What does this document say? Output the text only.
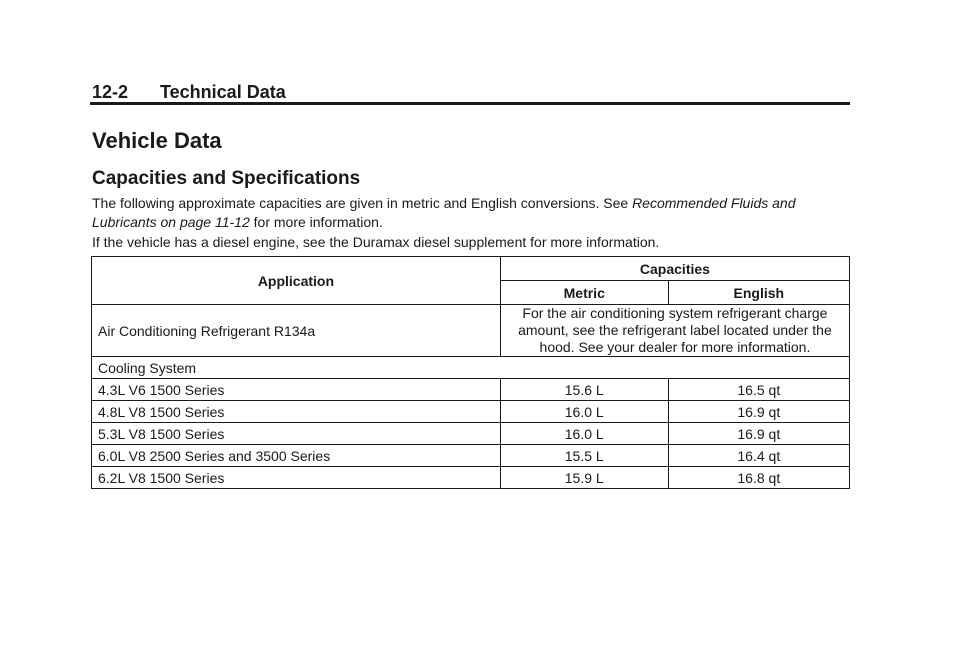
12-2 Technical Data
Vehicle Data
Capacities and Specifications
The following approximate capacities are given in metric and English conversions. See Recommended Fluids and Lubricants on page 11-12 for more information.
If the vehicle has a diesel engine, see the Duramax diesel supplement for more information.
Application	Capacities	
	Metric	English
Air Conditioning Refrigerant R134a	For the air conditioning system refrigerant charge amount, see the refrigerant label located under the hood. See your dealer for more information.	
Cooling System		
4.3L V6 1500 Series	15.6 L	16.5 qt
4.8L V8 1500 Series	16.0 L	16.9 qt
5.3L V8 1500 Series	16.0 L	16.9 qt
6.0L V8 2500 Series and 3500 Series	15.5 L	16.4 qt
6.2L V8 1500 Series	15.9 L	16.8 qt
